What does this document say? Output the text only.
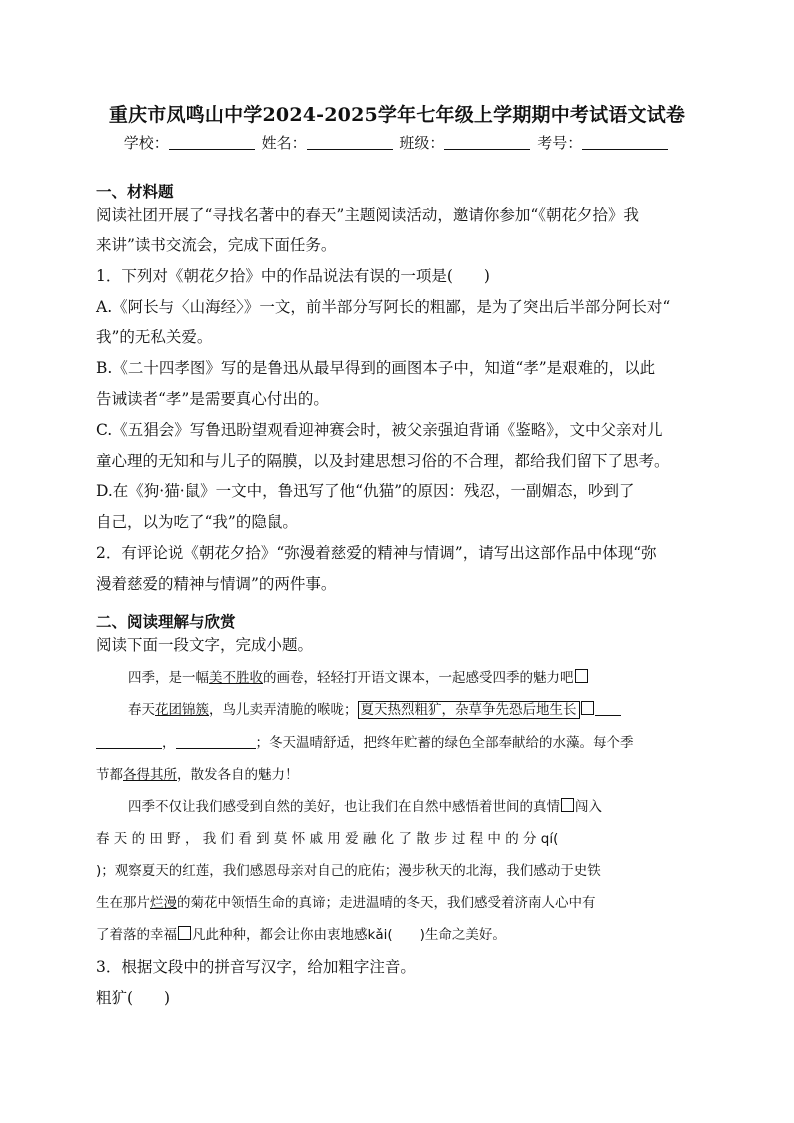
重庆市凤鸣山中学2024-2025学年七年级上学期期中考试语文试卷
学校：	姓名：	班级：	考号：
一、材料题
阅读社团开展了“寻找名著中的春天”主题阅读活动，邀请你参加“《朝花夕拾》我
来讲”读书交流会，完成下面任务。
1．下列对《朝花夕拾》中的作品说法有误的一项是(　　)
A.《阿长与〈山海经〉》一文，前半部分写阿长的粗鄙，是为了突出后半部分阿长对“
我”的无私关爱。
B.《二十四孝图》写的是鲁迅从最早得到的画图本子中，知道“孝”是艰难的，以此
告诫读者“孝”是需要真心付出的。
C.《五猖会》写鲁迅盼望观看迎神赛会时，被父亲强迫背诵《鉴略》，文中父亲对儿
童心理的无知和与儿子的隔膜，以及封建思想习俗的不合理，都给我们留下了思考。
D.在《狗·猫·鼠》一文中，鲁迅写了他“仇猫”的原因：残忍，一副媚态，吵到了
自己，以为吃了“我”的隐鼠。
2．有评论说《朝花夕拾》“弥漫着慈爱的精神与情调”，请写出这部作品中体现“弥
漫着慈爱的精神与情调”的两件事。
二、阅读理解与欣赏
阅读下面一段文字，完成小题。
四季，是一幅美不胜收的画卷，轻轻打开语文课本，一起感受四季的魅力吧
春天花团锦簇，鸟儿卖弄清脆的喉咙； 夏天热烈粗犷，杂草争先恐后地生长
，	；冬天温晴舒适，把终年贮蓄的绿色全部奉献给的水藻。每个季
节都各得其所，散发各自的魅力！
四季不仅让我们感受到自然的美好，也让我们在自然中感悟着世间的真情 闯入
春 天 的 田 野 ， 我 们 看 到 莫 怀 戚 用 爱 融 化 了 散 步 过 程 中 的 分 qí(
)；观察夏天的红莲，我们感恩母亲对自己的庇佑；漫步秋天的北海，我们感动于史铁
生在那片烂漫的菊花中领悟生命的真谛；走进温晴的冬天，我们感受着济南人心中有
了着落的幸福 凡此种种，都会让你由衷地感kǎi(　　)生命之美好。
3．根据文段中的拼音写汉字，给加粗字注音。
粗犷(　　)
